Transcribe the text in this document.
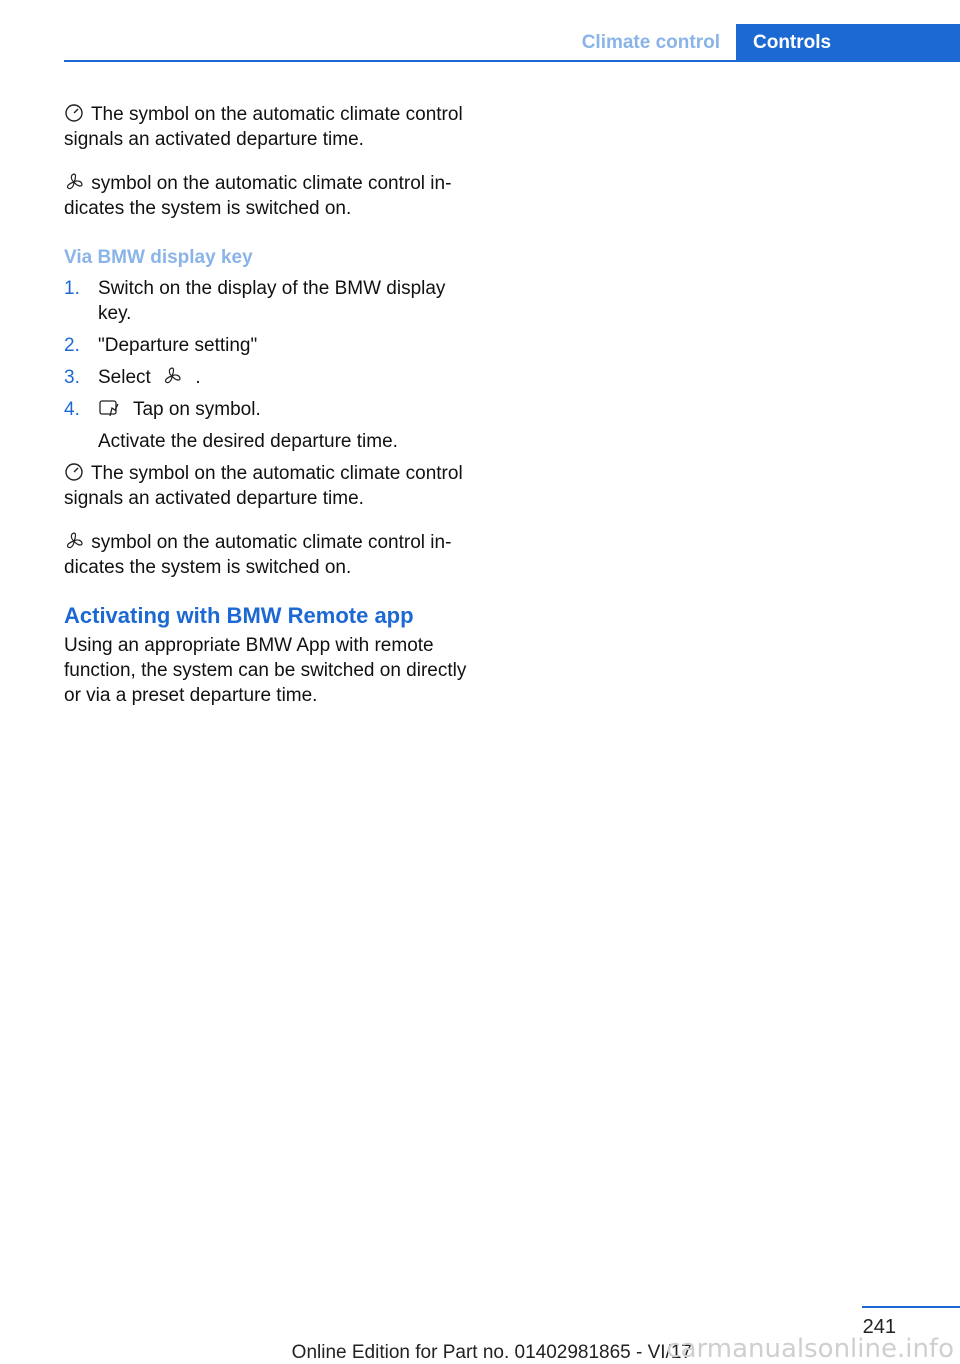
Climate control	Controls

The symbol on the automatic climate control signals an activated departure time.

symbol on the automatic climate control indicates the system is switched on.

Via BMW display key
1. Switch on the display of the BMW display key.
2. "Departure setting"
3. Select .
4.	Tap on symbol.
Activate the desired departure time.

The symbol on the automatic climate control signals an activated departure time.

symbol on the automatic climate control indicates the system is switched on.

Activating with BMW Remote app

Using an appropriate BMW App with remote function, the system can be switched on directly or via a preset departure time.

241
Online Edition for Part no. 01402981865 - VI/17
carmanualsonline.info
